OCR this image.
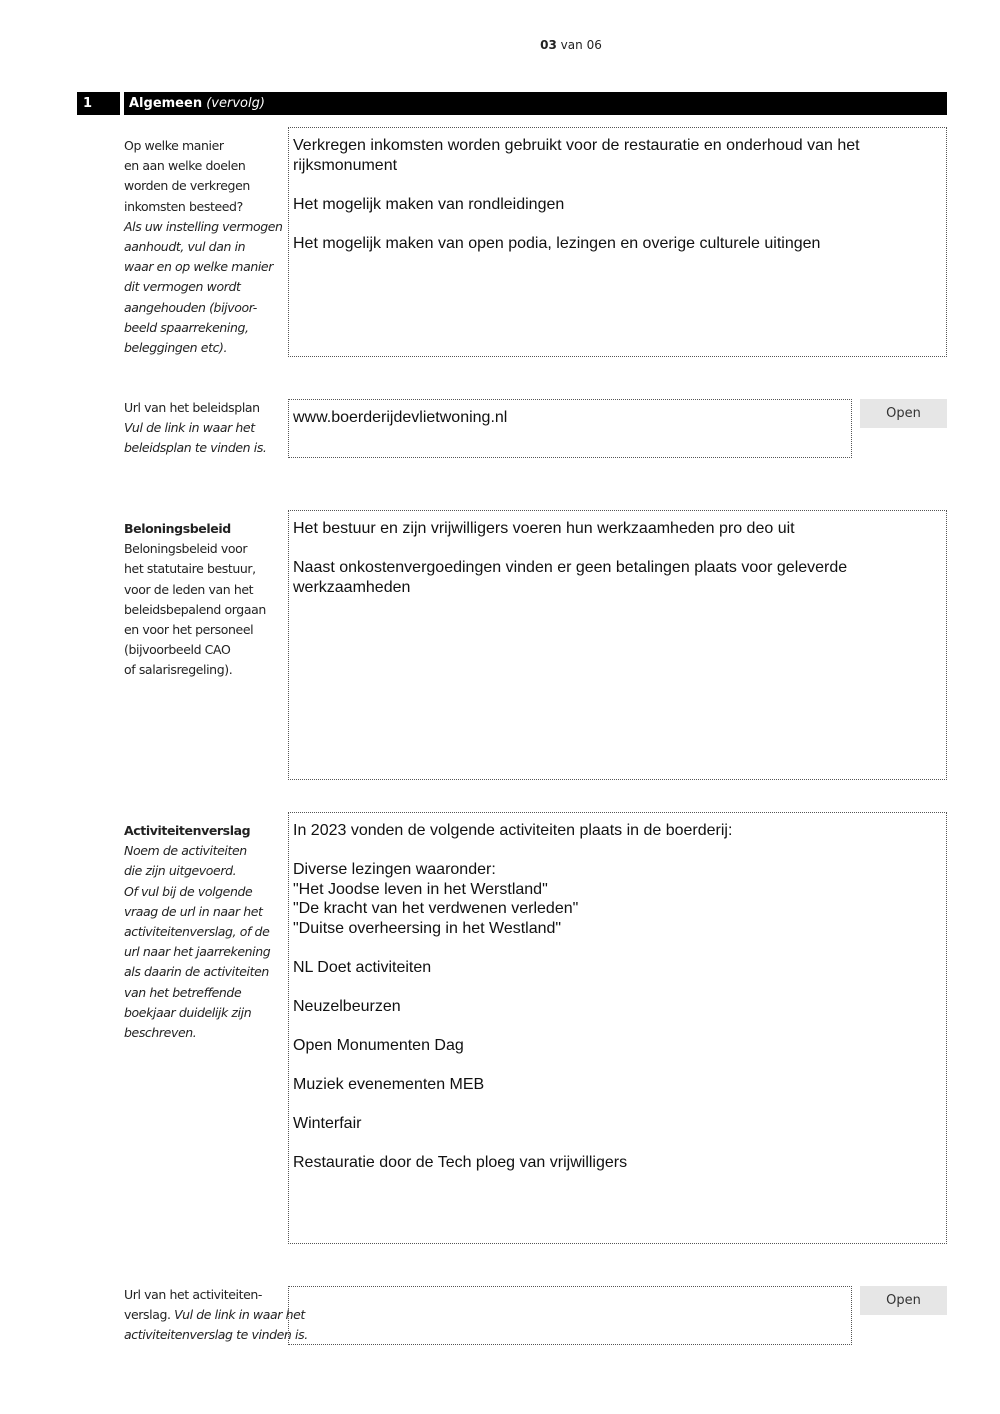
03 van 06
1	Algemeen (vervolg)
Op welke manier
en aan welke doelen
worden de verkregen
inkomsten besteed?
Als uw instelling vermogen
aanhoudt, vul dan in
waar en op welke manier
dit vermogen wordt
aangehouden (bijvoor-
beeld spaarrekening,
beleggingen etc).
Verkregen inkomsten worden gebruikt voor de restauratie en onderhoud van het rijksmonument

Het mogelijk maken van rondleidingen

Het mogelijk maken van open podia, lezingen en overige culturele uitingen
Url van het beleidsplan
Vul de link in waar het
beleidsplan te vinden is.
www.boerderijdevlietwoning.nl	Open
Beloningsbeleid
Beloningsbeleid voor
het statutaire bestuur,
voor de leden van het
beleidsbepalend orgaan
en voor het personeel
(bijvoorbeeld CAO
of salarisregeling).
Het bestuur en zijn vrijwilligers voeren hun werkzaamheden pro deo uit

Naast onkostenvergoedingen vinden er geen betalingen plaats voor geleverde werkzaamheden
Activiteitenverslag
Noem de activiteiten
die zijn uitgevoerd.
Of vul bij de volgende
vraag de url in naar het
activiteitenverslag, of de
url naar het jaarrekening
als daarin de activiteiten
van het betreffende
boekjaar duidelijk zijn
beschreven.
In 2023 vonden de volgende activiteiten plaats in de boerderij:

Diverse lezingen waaronder:
"Het Joodse leven in het Werstland"
"De kracht van het verdwenen verleden"
"Duitse overheersing in het Westland"

NL Doet activiteiten

Neuzelbeurzen

Open Monumenten Dag

Muziek evenementen MEB

Winterfair

Restauratie door de Tech ploeg van vrijwilligers
Url van het activiteiten-
verslag. Vul de link in waar het
activiteitenverslag te vinden is.
Open
